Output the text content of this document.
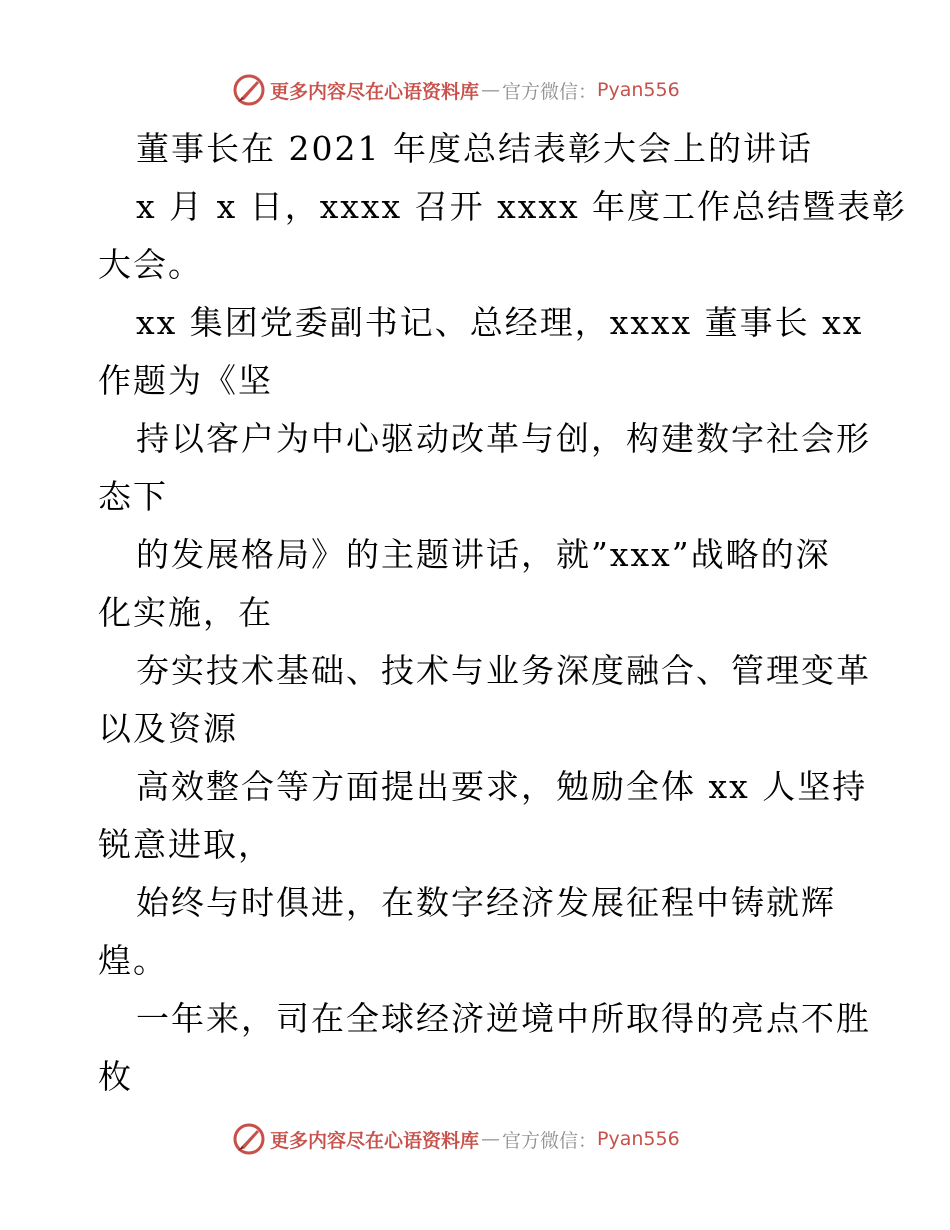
更多内容尽在心语资料库 — 官方微信： Pyan556
董事长在 2021 年度总结表彰大会上的讲话
x 月 x 日，xxxx 召开 xxxx 年度工作总结暨表彰
大会。
xx 集团党委副书记、总经理，xxxx 董事长 xx
作题为《坚
持以客户为中心驱动改革与创，构建数字社会形
态下
的发展格局》的主题讲话，就”xxx”战略的深
化实施，在
夯实技术基础、技术与业务深度融合、管理变革
以及资源
高效整合等方面提出要求，勉励全体 xx 人坚持
锐意进取，
始终与时俱进，在数字经济发展征程中铸就辉
煌。
一年来，司在全球经济逆境中所取得的亮点不胜
枚
更多内容尽在心语资料库 — 官方微信： Pyan556
